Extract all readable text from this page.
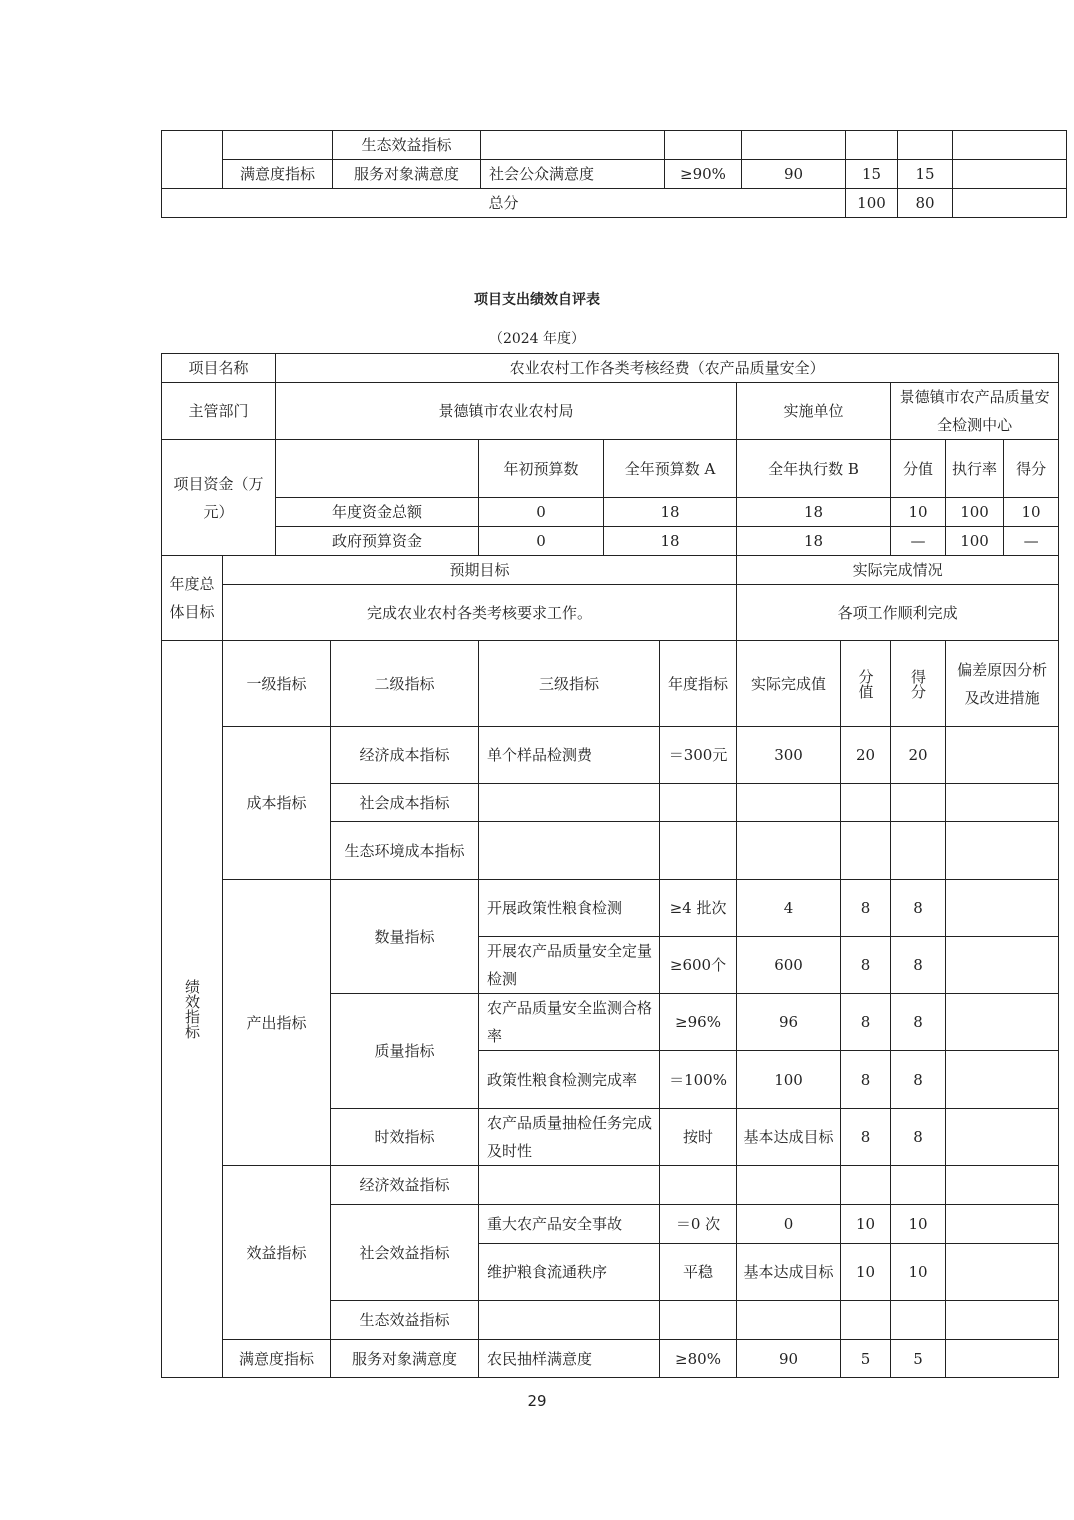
		生态效益指标						
	满意度指标	服务对象满意度	社会公众满意度	≥90%	90	15	15	
总分						100	80	
项目支出绩效自评表
（2024 年度）
项目名称		农业农村工作各类考核经费（农产品质量安全）									
主管部门		景德镇市农业农村局					实施单位		景德镇市农产品质量安全检测中心		
项目资金（万元）				年初预算数	全年预算数 A		全年执行数 B		分值	执行率	得分
		年度资金总额		0	18		18		10	100	10
		政府预算资金		0	18		18		—	100	—
年度总体目标	预期目标						实际完成情况				
	完成农业农村各类考核要求工作。						各项工作顺利完成				
绩效指标	一级指标		二级指标	三级指标		年度指标	实际完成值	分值	得分	偏差原因分析及改进措施	
	成本指标		经济成本指标	单个样品检测费		＝300元	300	20	20		
			社会成本指标								
			生态环境成本指标								
	产出指标		数量指标	开展政策性粮食检测		≥4 批次	4	8	8		
				开展农产品质量安全定量检测		≥600个	600	8	8		
			质量指标	农产品质量安全监测合格率		≥96%	96	8	8		
				政策性粮食检测完成率		＝100%	100	8	8		
			时效指标	农产品质量抽检任务完成及时性		按时	基本达成目标	8	8		
	效益指标		经济效益指标								
			社会效益指标	重大农产品安全事故		＝0 次	0	10	10		
				维护粮食流通秩序		平稳	基本达成目标	10	10		
			生态效益指标								
	满意度指标		服务对象满意度	农民抽样满意度		≥80%	90	5	5		
29
